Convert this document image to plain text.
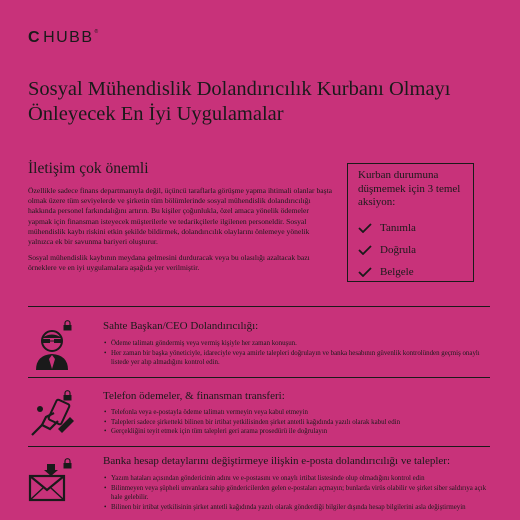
C HUBB®
Sosyal Mühendislik Dolandırıcılık Kurbanı Olmayı Önleyecek En İyi Uygulamalar
İletişim çok önemli

Özellikle sadece finans departmanıyla değil, üçüncü taraflarla görüşme yapma ihtimali olanlar başta olmak üzere tüm seviyelerde ve şirketin tüm bölümlerinde sosyal mühendislik dolandırıcılığı hakkında personel farkındalığını artırın. Bu kişiler çoğunlukla, özel amaca yönelik ödemeler yapmak için finansman isteyecek müşterilerle ve tedarikçilerle ilgilenen personeldir. Sosyal mühendislik kaybı riskini etkin şekilde bildirmek, dolandırıcılık olaylarını önlemeye yönelik yalnızca ek bir savunma bariyeri oluşturur.

Sosyal mühendislik kaybının meydana gelmesini durduracak veya bu olasılığı azaltacak bazı örneklere ve en iyi uygulamalara aşağıda yer verilmiştir.

Kurban durumuna düşmemek için 3 temel aksiyon:
Tanımla
Doğrula
Belgele
Sahte Başkan/CEO Dolandırıcılığı:
• Ödeme talimatı göndermiş veya vermiş kişiyle her zaman konuşun.
• Her zaman bir başka yöneticiyle, idareciyle veya amirle talepleri doğrulayın ve banka hesabının güvenlik kontrolünden geçmiş onaylı listede yer alıp almadığını kontrol edin.
Telefon ödemeler, & finansman transferi:
• Telefonla veya e-postayla ödeme talimatı vermeyin veya kabul etmeyin
• Talepleri sadece şirketteki bilinen bir irtibat yetkilisinden şirket antetli kağıdında yazılı olarak kabul edin
• Gerçekliğini teyit etmek için tüm talepleri geri arama prosedürü ile doğrulayın
Banka hesap detaylarını değiştirmeye ilişkin e-posta dolandırıcılığı ve talepler:
• Yazım hataları açısından göndericinin adını ve e-postasını ve onaylı irtibat listesinde olup olmadığını kontrol edin
• Bilinmeyen veya şüpheli unvanlara sahip göndericilerden gelen e-postaları açmayın; bunlarda virüs olabilir ve şirket siber saldırıya açık hale gelebilir.
• Bilinen bir irtibat yetkilisinin şirket antetli kağıdında yazılı olarak gönderdiği bilgiler dışında hesap bilgilerini asla değiştirmeyin
